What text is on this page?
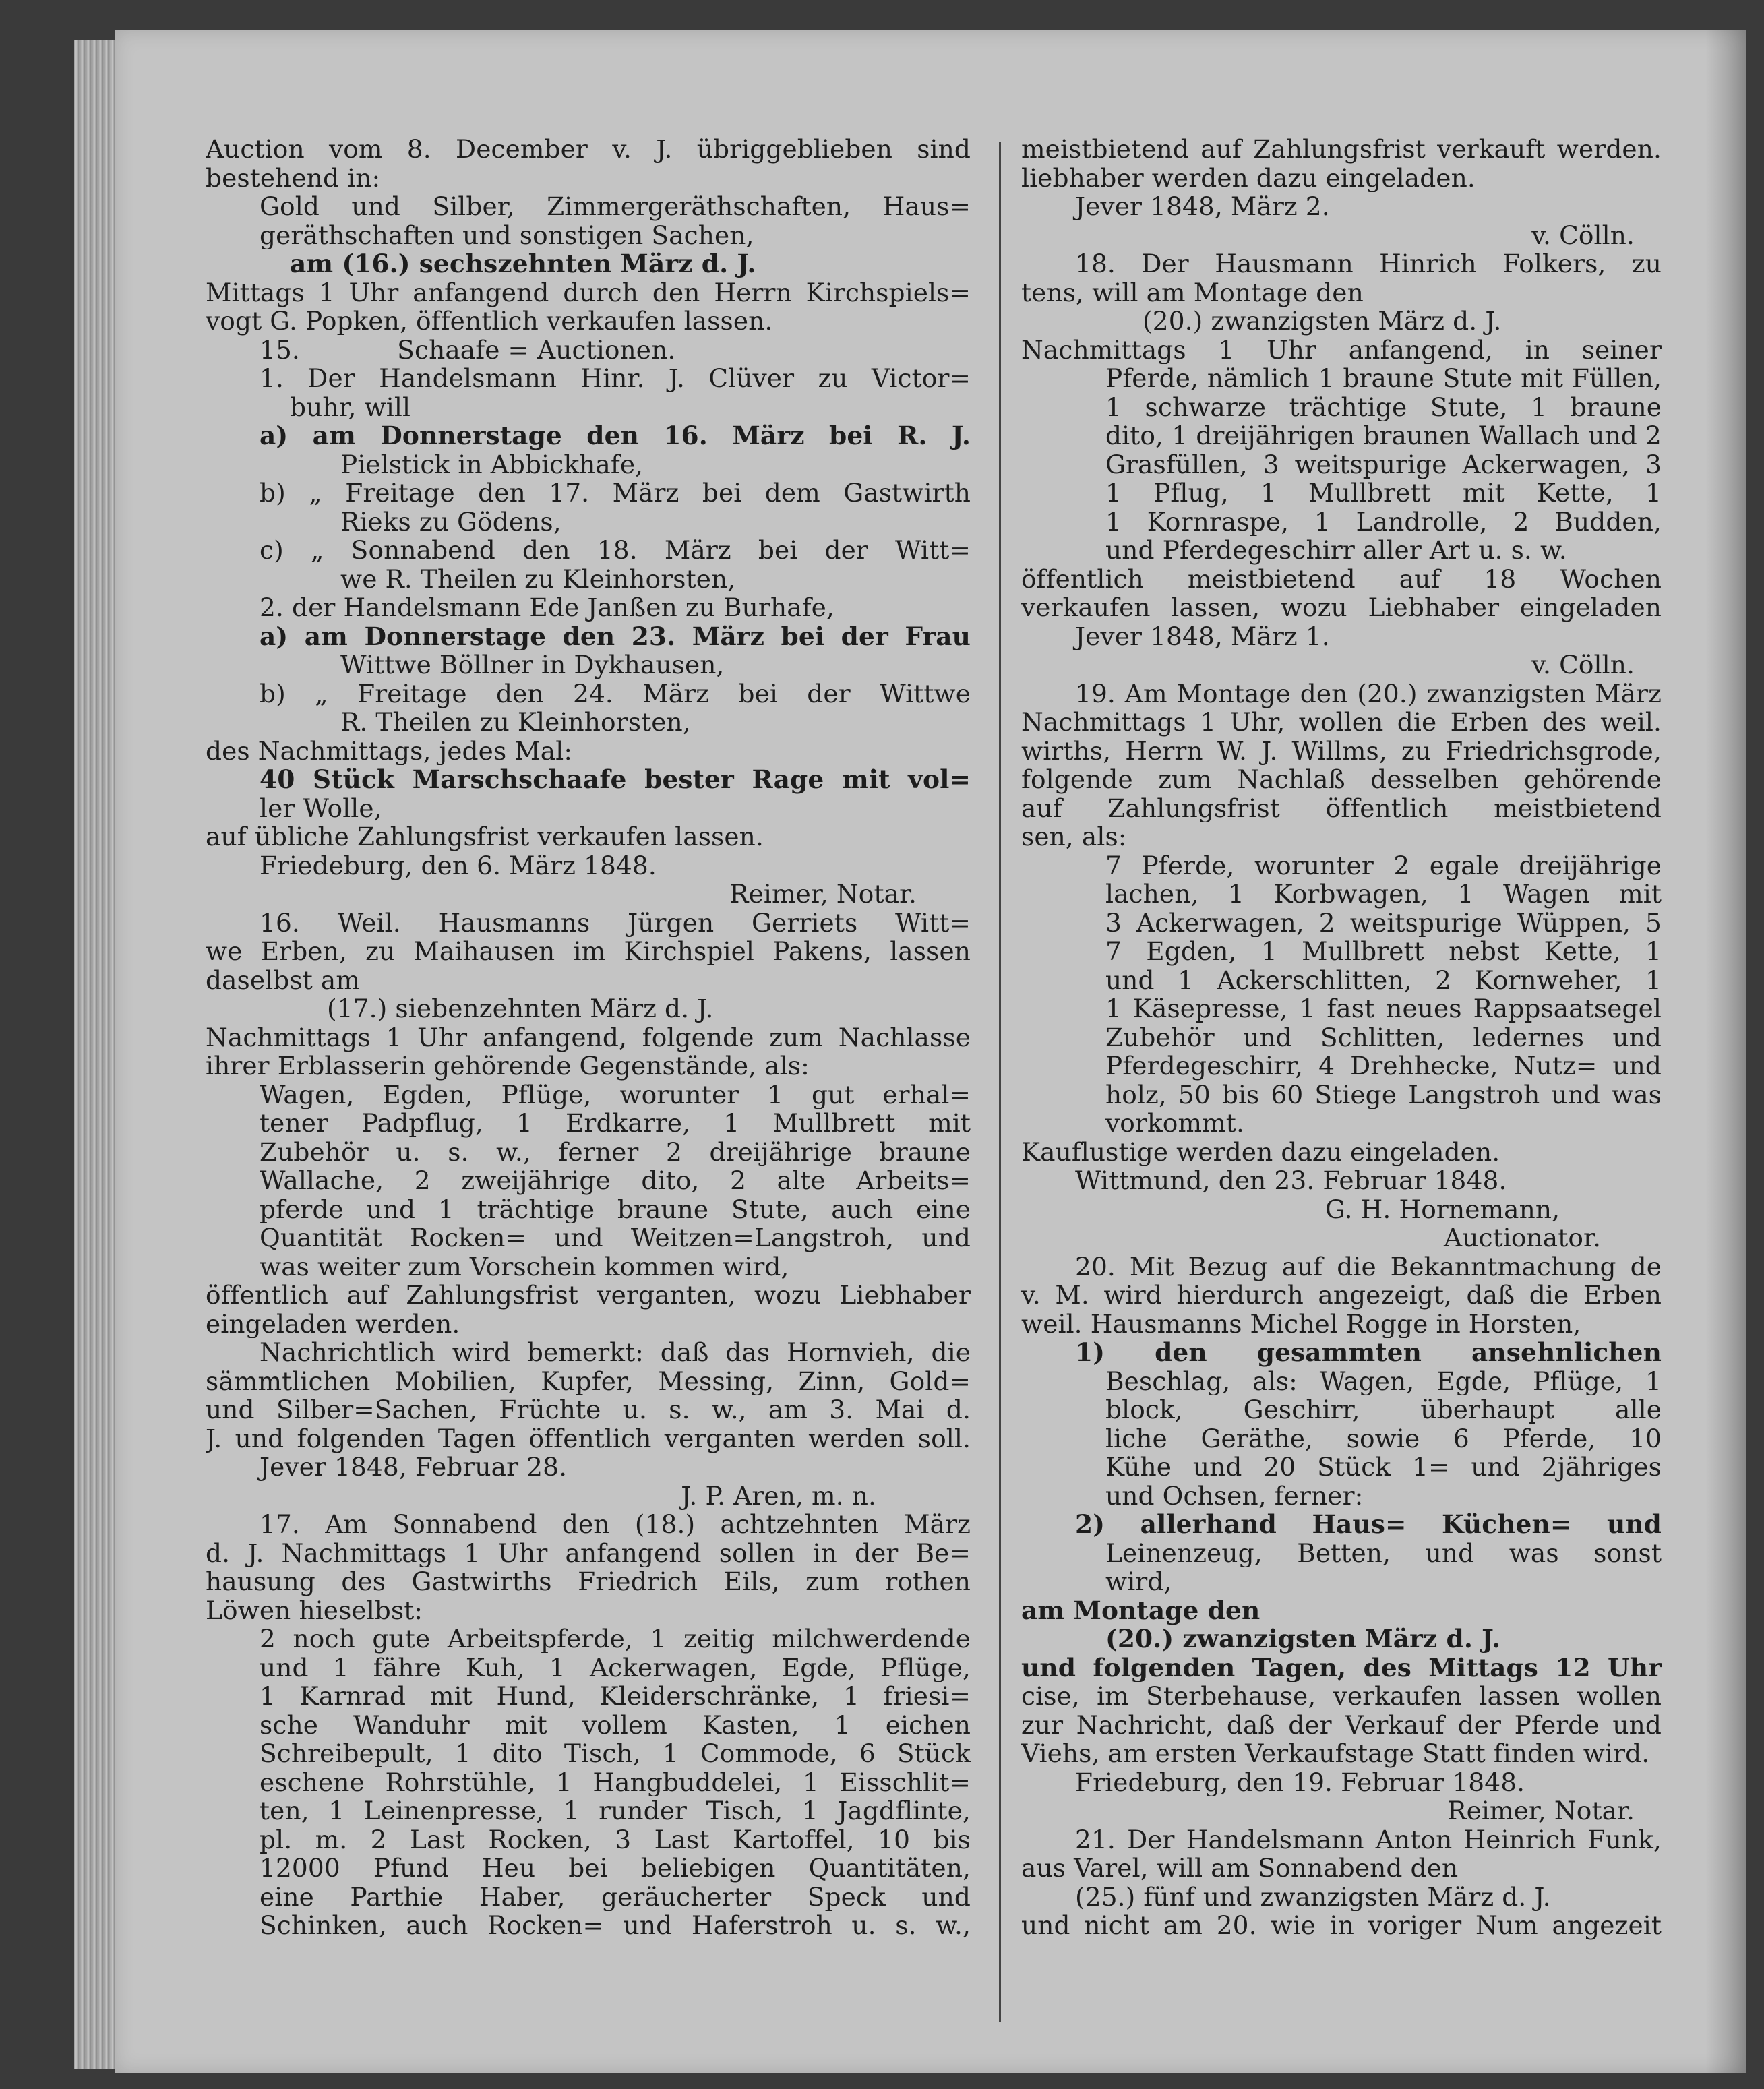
Auction vom 8. December v. J. übriggeblieben sind
bestehend in:
Gold und Silber, Zimmergeräthschaften, Haus=
geräthschaften und sonstigen Sachen,
am (16.) sechszehnten März d. J.
Mittags 1 Uhr anfangend durch den Herrn Kirchspiels=
vogt G. Popken, öffentlich verkaufen lassen.
15.            Schaafe = Auctionen.
1. Der Handelsmann Hinr. J. Clüver zu Victor=
buhr, will
a) am Donnerstage den 16. März bei R. J.
Pielstick in Abbickhafe,
b) „ Freitage den 17. März bei dem Gastwirth
Rieks zu Gödens,
c) „ Sonnabend den 18. März bei der Witt=
we R. Theilen zu Kleinhorsten,
2. der Handelsmann Ede Janßen zu Burhafe,
a) am Donnerstage den 23. März bei der Frau
Wittwe Böllner in Dykhausen,
b) „ Freitage den 24. März bei der Wittwe
R. Theilen zu Kleinhorsten,
des Nachmittags, jedes Mal:
40 Stück Marschschaafe bester Rage mit vol=
ler Wolle,
auf übliche Zahlungsfrist verkaufen lassen.
Friedeburg, den 6. März 1848.
Reimer, Notar.
16. Weil. Hausmanns Jürgen Gerriets Witt=
we Erben, zu Maihausen im Kirchspiel Pakens, lassen
daselbst am
(17.) siebenzehnten März d. J.
Nachmittags 1 Uhr anfangend, folgende zum Nachlasse
ihrer Erblasserin gehörende Gegenstände, als:
Wagen, Egden, Pflüge, worunter 1 gut erhal=
tener Padpflug, 1 Erdkarre, 1 Mullbrett mit
Zubehör u. s. w., ferner 2 dreijährige braune
Wallache, 2 zweijährige dito, 2 alte Arbeits=
pferde und 1 trächtige braune Stute, auch eine
Quantität Rocken= und Weitzen=Langstroh, und
was weiter zum Vorschein kommen wird,
öffentlich auf Zahlungsfrist verganten, wozu Liebhaber
eingeladen werden.
Nachrichtlich wird bemerkt: daß das Hornvieh, die
sämmtlichen Mobilien, Kupfer, Messing, Zinn, Gold=
und Silber=Sachen, Früchte u. s. w., am 3. Mai d.
J. und folgenden Tagen öffentlich verganten werden soll.
Jever 1848, Februar 28.
J. P. Aren, m. n.
17. Am Sonnabend den (18.) achtzehnten März
d. J. Nachmittags 1 Uhr anfangend sollen in der Be=
hausung des Gastwirths Friedrich Eils, zum rothen
Löwen hieselbst:
2 noch gute Arbeitspferde, 1 zeitig milchwerdende
und 1 fähre Kuh, 1 Ackerwagen, Egde, Pflüge,
1 Karnrad mit Hund, Kleiderschränke, 1 friesi=
sche Wanduhr mit vollem Kasten, 1 eichen
Schreibepult, 1 dito Tisch, 1 Commode, 6 Stück
eschene Rohrstühle, 1 Hangbuddelei, 1 Eisschlit=
ten, 1 Leinenpresse, 1 runder Tisch, 1 Jagdflinte,
pl. m. 2 Last Rocken, 3 Last Kartoffel, 10 bis
12000 Pfund Heu bei beliebigen Quantitäten,
eine Parthie Haber, geräucherter Speck und
Schinken, auch Rocken= und Haferstroh u. s. w.,
meistbietend auf Zahlungsfrist verkauft werden.
liebhaber werden dazu eingeladen.
Jever 1848, März 2.
v. Cölln.
18. Der Hausmann Hinrich Folkers, zu
tens, will am Montage den
(20.) zwanzigsten März d. J.
Nachmittags 1 Uhr anfangend, in seiner
Pferde, nämlich 1 braune Stute mit Füllen,
1 schwarze trächtige Stute, 1 braune
dito, 1 dreijährigen braunen Wallach und 2
Grasfüllen, 3 weitspurige Ackerwagen, 3
1 Pflug, 1 Mullbrett mit Kette, 1
1 Kornraspe, 1 Landrolle, 2 Budden,
und Pferdegeschirr aller Art u. s. w.
öffentlich meistbietend auf 18 Wochen
verkaufen lassen, wozu Liebhaber eingeladen
Jever 1848, März 1.
v. Cölln.
19. Am Montage den (20.) zwanzigsten März
Nachmittags 1 Uhr, wollen die Erben des weil.
wirths, Herrn W. J. Willms, zu Friedrichsgrode,
folgende zum Nachlaß desselben gehörende
auf Zahlungsfrist öffentlich meistbietend
sen, als:
7 Pferde, worunter 2 egale dreijährige
lachen, 1 Korbwagen, 1 Wagen mit
3 Ackerwagen, 2 weitspurige Wüppen, 5
7 Egden, 1 Mullbrett nebst Kette, 1
und 1 Ackerschlitten, 2 Kornweher, 1
1 Käsepresse, 1 fast neues Rappsaatsegel
Zubehör und Schlitten, ledernes und
Pferdegeschirr, 4 Drehhecke, Nutz= und
holz, 50 bis 60 Stiege Langstroh und was
vorkommt.
Kauflustige werden dazu eingeladen.
Wittmund, den 23. Februar 1848.
G. H. Hornemann,
Auctionator.
20. Mit Bezug auf die Bekanntmachung de
v. M. wird hierdurch angezeigt, daß die Erben
weil. Hausmanns Michel Rogge in Horsten,
1) den gesammten ansehnlichen
Beschlag, als: Wagen, Egde, Pflüge, 1
block, Geschirr, überhaupt alle
liche Geräthe, sowie 6 Pferde, 10
Kühe und 20 Stück 1= und 2jähriges
und Ochsen, ferner:
2) allerhand Haus= Küchen= und
Leinenzeug, Betten, und was sonst
wird,
am Montage den
(20.) zwanzigsten März d. J.
und folgenden Tagen, des Mittags 12 Uhr
cise, im Sterbehause, verkaufen lassen wollen
zur Nachricht, daß der Verkauf der Pferde und
Viehs, am ersten Verkaufstage Statt finden wird.
Friedeburg, den 19. Februar 1848.
Reimer, Notar.
21. Der Handelsmann Anton Heinrich Funk,
aus Varel, will am Sonnabend den
(25.) fünf und zwanzigsten März d. J.
und nicht am 20. wie in voriger Num angezeit
